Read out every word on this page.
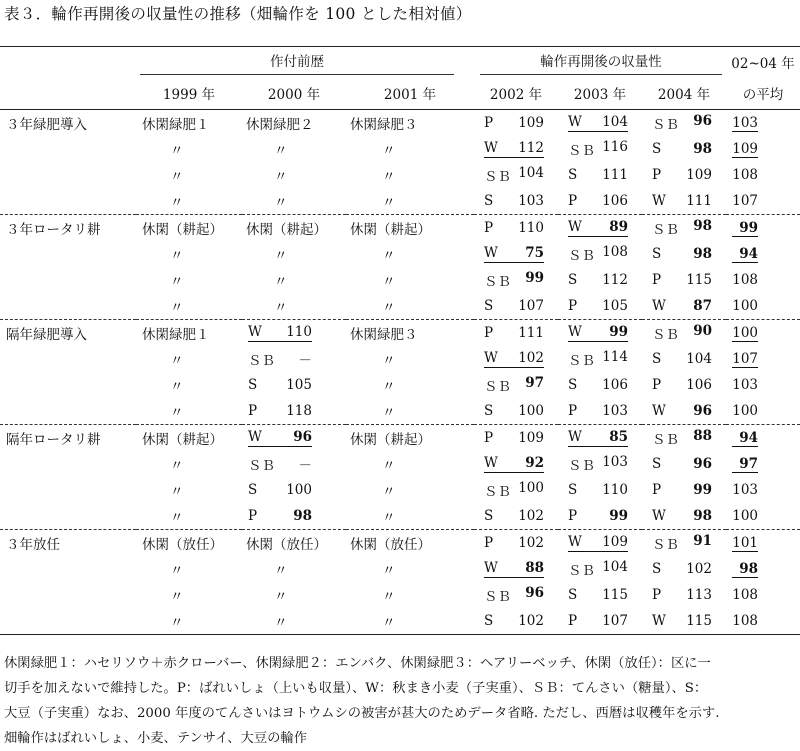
表３．輪作再開後の収量性の推移（畑輪作を 100 とした相対値）

	作付前歴			輪作再開後の収量性			02~04 年
	1999 年	2000 年	2001 年	2002 年	2003 年	2004 年	の平均
３年緑肥導入	休閑緑肥１	休閑緑肥２	休閑緑肥３	P 109	W 104	ＳＢ 96	103
	〃	〃	〃	W 112	ＳＢ 116	S 98	109
	〃	〃	〃	ＳＢ 104	S 111	P 109	108
	〃	〃	〃	S 103	P 106	W 111	107
３年ロータリ耕	休閑（耕起）	休閑（耕起）	休閑（耕起）	P 110	W 89	ＳＢ 98	99
	〃	〃	〃	W 75	ＳＢ 108	S 98	94
	〃	〃	〃	ＳＢ 99	S 112	P 115	108
	〃	〃	〃	S 107	P 105	W 87	100
隔年緑肥導入	休閑緑肥１	W 110	休閑緑肥３	P 111	W 99	ＳＢ 90	100
	〃	ＳＢ －	〃	W 102	ＳＢ 114	S 104	107
	〃	S 105	〃	ＳＢ 97	S 106	P 106	103
	〃	P 118	〃	S 100	P 103	W 96	100
隔年ロータリ耕	休閑（耕起）	W 96	休閑（耕起）	P 109	W 85	ＳＢ 88	94
	〃	ＳＢ －	〃	W 92	ＳＢ 103	S 96	97
	〃	S 100	〃	ＳＢ 100	S 110	P 99	103
	〃	P 98	〃	S 102	P 99	W 98	100
３年放任	休閑（放任）	休閑（放任）	休閑（放任）	P 102	W 109	ＳＢ 91	101
	〃	〃	〃	W 88	ＳＢ 104	S 102	98
	〃	〃	〃	ＳＢ 96	S 115	P 113	108
	〃	〃	〃	S 102	P 107	W 115	108

休閑緑肥１：ハセリソウ＋赤クローバー、休閑緑肥２：エンバク、休閑緑肥３：ヘアリーベッチ、休閑（放任）：区に一

切手を加えないで維持した。P：ばれいしょ（上いも収量）、W：秋まき小麦（子実重）、ＳＢ：てんさい（糖量）、S：

大豆（子実重）なお、2000 年度のてんさいはヨトウムシの被害が甚大のためデータ省略. ただし、西暦は収穫年を示す.

畑輪作はばれいしょ、小麦、テンサイ、大豆の輪作
